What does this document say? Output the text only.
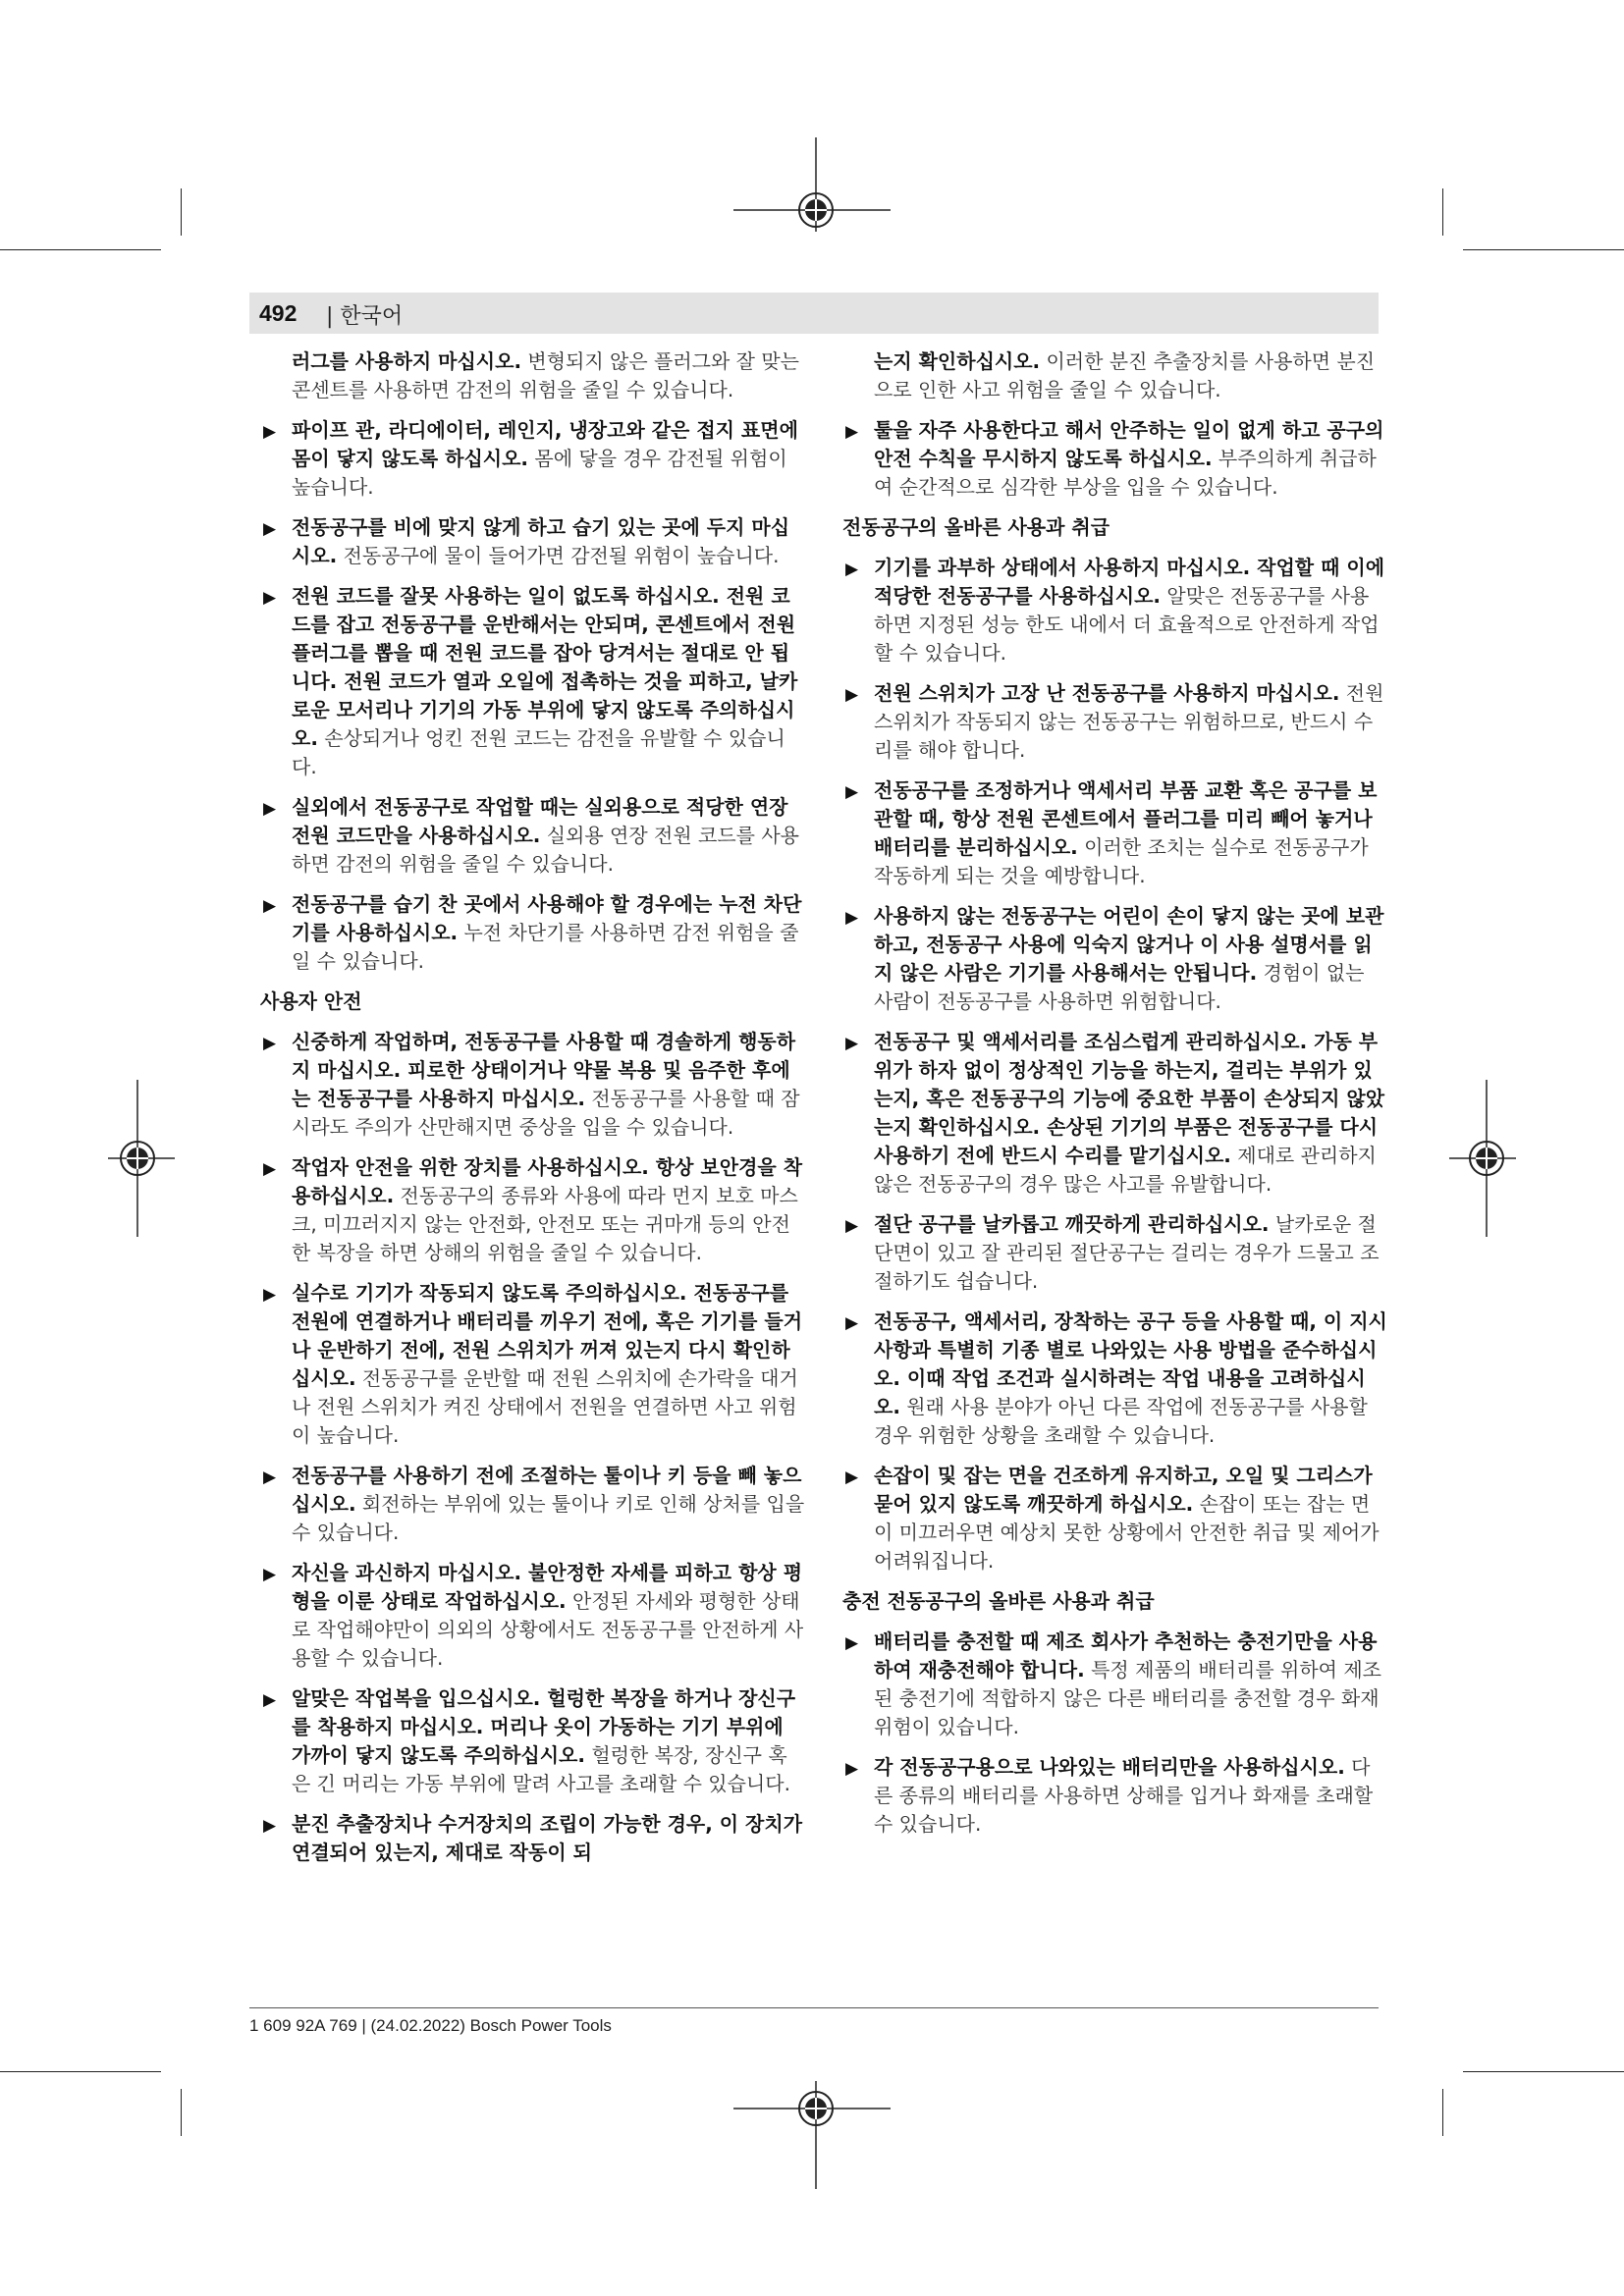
492 | 한국어
러그를 사용하지 마십시오. 변형되지 않은 플러그와 잘 맞는 콘센트를 사용하면 감전의 위험을 줄일 수 있습니다.
▶ 파이프 관, 라디에이터, 레인지, 냉장고와 같은 접지 표면에 몸이 닿지 않도록 하십시오. 몸에 닿을 경우 감전될 위험이 높습니다.
▶ 전동공구를 비에 맞지 않게 하고 습기 있는 곳에 두지 마십시오. 전동공구에 물이 들어가면 감전될 위험이 높습니다.
▶ 전원 코드를 잘못 사용하는 일이 없도록 하십시오. 전원 코드를 잡고 전동공구를 운반해서는 안되며, 콘센트에서 전원 플러그를 뽑을 때 전원 코드를 잡아 당겨서는 절대로 안 됩니다. 전원 코드가 열과 오일에 접촉하는 것을 피하고, 날카로운 모서리나 기기의 가동 부위에 닿지 않도록 주의하십시오. 손상되거나 엉킨 전원 코드는 감전을 유발할 수 있습니다.
▶ 실외에서 전동공구로 작업할 때는 실외용으로 적당한 연장 전원 코드만을 사용하십시오. 실외용 연장 전원 코드를 사용하면 감전의 위험을 줄일 수 있습니다.
▶ 전동공구를 습기 찬 곳에서 사용해야 할 경우에는 누전 차단기를 사용하십시오. 누전 차단기를 사용하면 감전 위험을 줄일 수 있습니다.
사용자 안전
▶ 신중하게 작업하며, 전동공구를 사용할 때 경솔하게 행동하지 마십시오. 피로한 상태이거나 약물 복용 및 음주한 후에는 전동공구를 사용하지 마십시오. 전동공구를 사용할 때 잠시라도 주의가 산만해지면 중상을 입을 수 있습니다.
▶ 작업자 안전을 위한 장치를 사용하십시오. 항상 보안경을 착용하십시오. 전동공구의 종류와 사용에 따라 먼지 보호 마스크, 미끄러지지 않는 안전화, 안전모 또는 귀마개 등의 안전한 복장을 하면 상해의 위험을 줄일 수 있습니다.
▶ 실수로 기기가 작동되지 않도록 주의하십시오. 전동공구를 전원에 연결하거나 배터리를 끼우기 전에, 혹은 기기를 들거나 운반하기 전에, 전원 스위치가 꺼져 있는지 다시 확인하십시오. 전동공구를 운반할 때 전원 스위치에 손가락을 대거나 전원 스위치가 켜진 상태에서 전원을 연결하면 사고 위험이 높습니다.
▶ 전동공구를 사용하기 전에 조절하는 툴이나 키 등을 빼 놓으십시오. 회전하는 부위에 있는 툴이나 키로 인해 상처를 입을 수 있습니다.
▶ 자신을 과신하지 마십시오. 불안정한 자세를 피하고 항상 평형을 이룬 상태로 작업하십시오. 안정된 자세와 평형한 상태로 작업해야만이 의외의 상황에서도 전동공구를 안전하게 사용할 수 있습니다.
▶ 알맞은 작업복을 입으십시오. 헐렁한 복장을 하거나 장신구를 착용하지 마십시오. 머리나 옷이 가동하는 기기 부위에 가까이 닿지 않도록 주의하십시오. 헐렁한 복장, 장신구 혹은 긴 머리는 가동 부위에 말려 사고를 초래할 수 있습니다.
▶ 분진 추출장치나 수거장치의 조립이 가능한 경우, 이 장치가 연결되어 있는지, 제대로 작동이 되
는지 확인하십시오. 이러한 분진 추출장치를 사용하면 분진으로 인한 사고 위험을 줄일 수 있습니다.
▶ 툴을 자주 사용한다고 해서 안주하는 일이 없게 하고 공구의 안전 수칙을 무시하지 않도록 하십시오. 부주의하게 취급하여 순간적으로 심각한 부상을 입을 수 있습니다.
전동공구의 올바른 사용과 취급
▶ 기기를 과부하 상태에서 사용하지 마십시오. 작업할 때 이에 적당한 전동공구를 사용하십시오. 알맞은 전동공구를 사용하면 지정된 성능 한도 내에서 더 효율적으로 안전하게 작업할 수 있습니다.
▶ 전원 스위치가 고장 난 전동공구를 사용하지 마십시오. 전원 스위치가 작동되지 않는 전동공구는 위험하므로, 반드시 수리를 해야 합니다.
▶ 전동공구를 조정하거나 액세서리 부품 교환 혹은 공구를 보관할 때, 항상 전원 콘센트에서 플러그를 미리 빼어 놓거나 배터리를 분리하십시오. 이러한 조치는 실수로 전동공구가 작동하게 되는 것을 예방합니다.
▶ 사용하지 않는 전동공구는 어린이 손이 닿지 않는 곳에 보관하고, 전동공구 사용에 익숙지 않거나 이 사용 설명서를 읽지 않은 사람은 기기를 사용해서는 안됩니다. 경험이 없는 사람이 전동공구를 사용하면 위험합니다.
▶ 전동공구 및 액세서리를 조심스럽게 관리하십시오. 가동 부위가 하자 없이 정상적인 기능을 하는지, 걸리는 부위가 있는지, 혹은 전동공구의 기능에 중요한 부품이 손상되지 않았는지 확인하십시오. 손상된 기기의 부품은 전동공구를 다시 사용하기 전에 반드시 수리를 맡기십시오. 제대로 관리하지 않은 전동공구의 경우 많은 사고를 유발합니다.
▶ 절단 공구를 날카롭고 깨끗하게 관리하십시오. 날카로운 절단면이 있고 잘 관리된 절단공구는 걸리는 경우가 드물고 조절하기도 쉽습니다.
▶ 전동공구, 액세서리, 장착하는 공구 등을 사용할 때, 이 지시 사항과 특별히 기종 별로 나와있는 사용 방법을 준수하십시오. 이때 작업 조건과 실시하려는 작업 내용을 고려하십시오. 원래 사용 분야가 아닌 다른 작업에 전동공구를 사용할 경우 위험한 상황을 초래할 수 있습니다.
▶ 손잡이 및 잡는 면을 건조하게 유지하고, 오일 및 그리스가 묻어 있지 않도록 깨끗하게 하십시오. 손잡이 또는 잡는 면이 미끄러우면 예상치 못한 상황에서 안전한 취급 및 제어가 어려워집니다.
충전 전동공구의 올바른 사용과 취급
▶ 배터리를 충전할 때 제조 회사가 추천하는 충전기만을 사용하여 재충전해야 합니다. 특정 제품의 배터리를 위하여 제조된 충전기에 적합하지 않은 다른 배터리를 충전할 경우 화재 위험이 있습니다.
▶ 각 전동공구용으로 나와있는 배터리만을 사용하십시오. 다른 종류의 배터리를 사용하면 상해를 입거나 화재를 초래할 수 있습니다.
1 609 92A 769 | (24.02.2022) Bosch Power Tools
